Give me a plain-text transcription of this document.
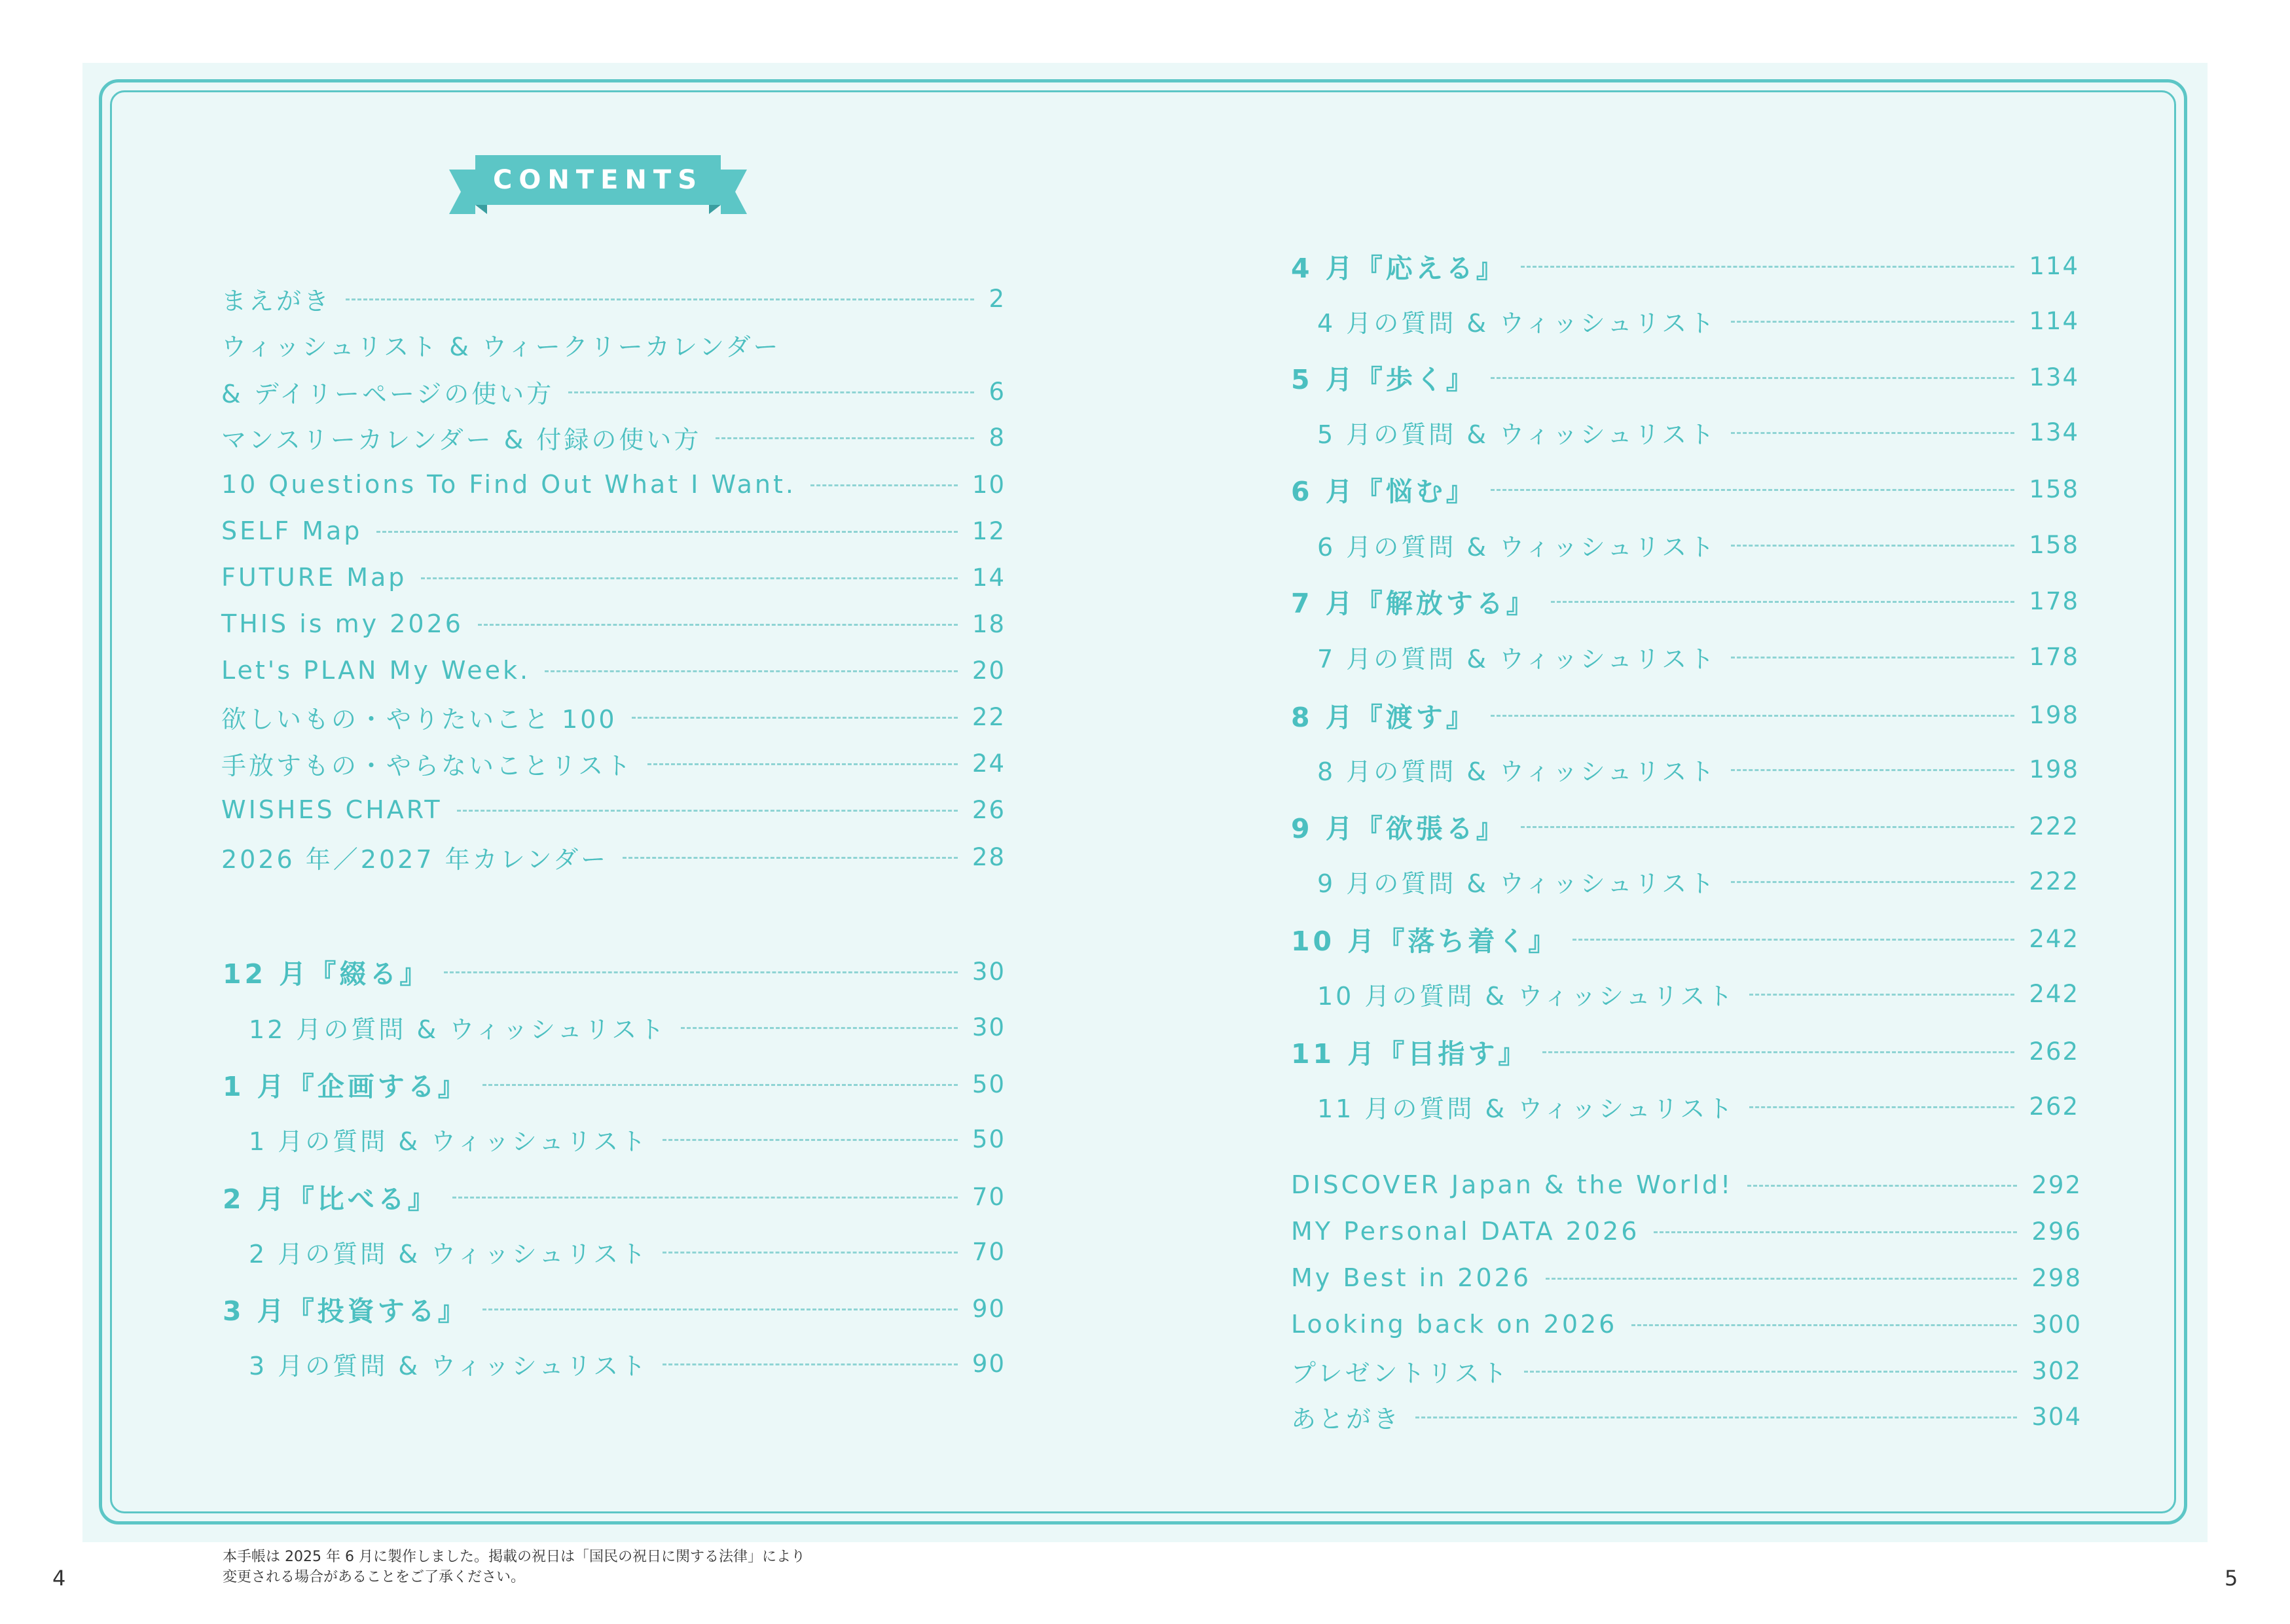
CONTENTS
まえがき	2
ウィッシュリスト & ウィークリーカレンダー
& デイリーページの使い方	6
マンスリーカレンダー & 付録の使い方	8
10 Questions To Find Out What I Want.	10
SELF Map	12
FUTURE Map	14
THIS is my 2026	18
Let's PLAN My Week.	20
欲しいもの・やりたいこと 100	22
手放すもの・やらないことリスト	24
WISHES CHART	26
2026 年／2027 年カレンダー	28
12 月『綴る』	30
12 月の質問 & ウィッシュリスト	30
1 月『企画する』	50
1 月の質問 & ウィッシュリスト	50
2 月『比べる』	70
2 月の質問 & ウィッシュリスト	70
3 月『投資する』	90
3 月の質問 & ウィッシュリスト	90
4 月『応える』	114
4 月の質問 & ウィッシュリスト	114
5 月『歩く』	134
5 月の質問 & ウィッシュリスト	134
6 月『悩む』	158
6 月の質問 & ウィッシュリスト	158
7 月『解放する』	178
7 月の質問 & ウィッシュリスト	178
8 月『渡す』	198
8 月の質問 & ウィッシュリスト	198
9 月『欲張る』	222
9 月の質問 & ウィッシュリスト	222
10 月『落ち着く』	242
10 月の質問 & ウィッシュリスト	242
11 月『目指す』	262
11 月の質問 & ウィッシュリスト	262
DISCOVER Japan & the World!	292
MY Personal DATA 2026	296
My Best in 2026	298
Looking back on 2026	300
プレゼントリスト	302
あとがき	304
本手帳は 2025 年 6 月に製作しました。掲載の祝日は「国民の祝日に関する法律」により
変更される場合があることをご了承ください。
4	5
